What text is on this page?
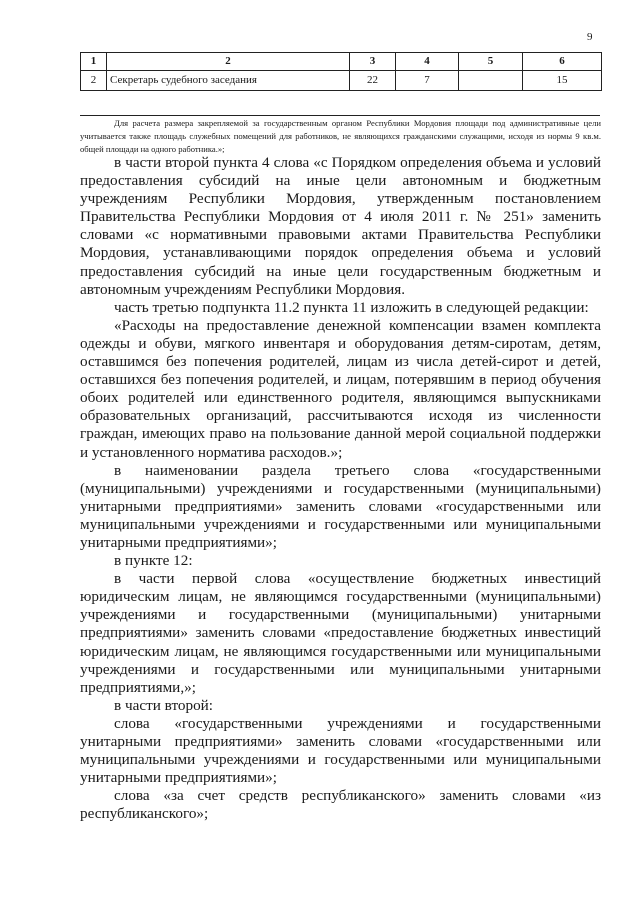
9
1	2	3	4	5	6
2	Секретарь судебного заседания	22	7		15

Для расчета размера закрепляемой за государственным органом Республики Мордовия площади под административные цели учитывается также площадь служебных помещений для работников, не являющихся гражданскими служащими, исходя из нормы 9 кв.м. общей площади на одного работника.»;

в части второй пункта 4 слова «с Порядком определения объема и условий предоставления субсидий на иные цели автономным и бюджетным учреждениям Республики Мордовия, утвержденным постановлением Правительства Республики Мордовия от 4 июля 2011 г. № 251» заменить словами «с нормативными правовыми актами Правительства Республики Мордовия, устанавливающими порядок определения объема и условий предоставления субсидий на иные цели государственным бюджетным и автономным учреждениям Республики Мордовия.

часть третью подпункта 11.2 пункта 11 изложить в следующей редакции:

«Расходы на предоставление денежной компенсации взамен комплекта одежды и обуви, мягкого инвентаря и оборудования детям-сиротам, детям, оставшимся без попечения родителей, лицам из числа детей-сирот и детей, оставшихся без попечения родителей, и лицам, потерявшим в период обучения обоих родителей или единственного родителя, являющимся выпускниками образовательных организаций, рассчитываются исходя из численности граждан, имеющих право на пользование данной мерой социальной поддержки и установленного норматива расходов.»;

в наименовании раздела третьего слова «государственными (муниципальными) учреждениями и государственными (муниципальными) унитарными предприятиями» заменить словами «государственными или муниципальными учреждениями и государственными или муниципальными унитарными предприятиями»;

в пункте 12:

в части первой слова «осуществление бюджетных инвестиций юридическим лицам, не являющимся государственными (муниципальными) учреждениями и государственными (муниципальными) унитарными предприятиями» заменить словами «предоставление бюджетных инвестиций юридическим лицам, не являющимся государственными или муниципальными учреждениями и государственными или муниципальными унитарными предприятиями,»;

в части второй:

слова «государственными учреждениями и государственными унитарными предприятиями» заменить словами «государственными или муниципальными учреждениями и государственными или муниципальными унитарными предприятиями»;

слова «за счет средств республиканского» заменить словами «из республиканского»;
